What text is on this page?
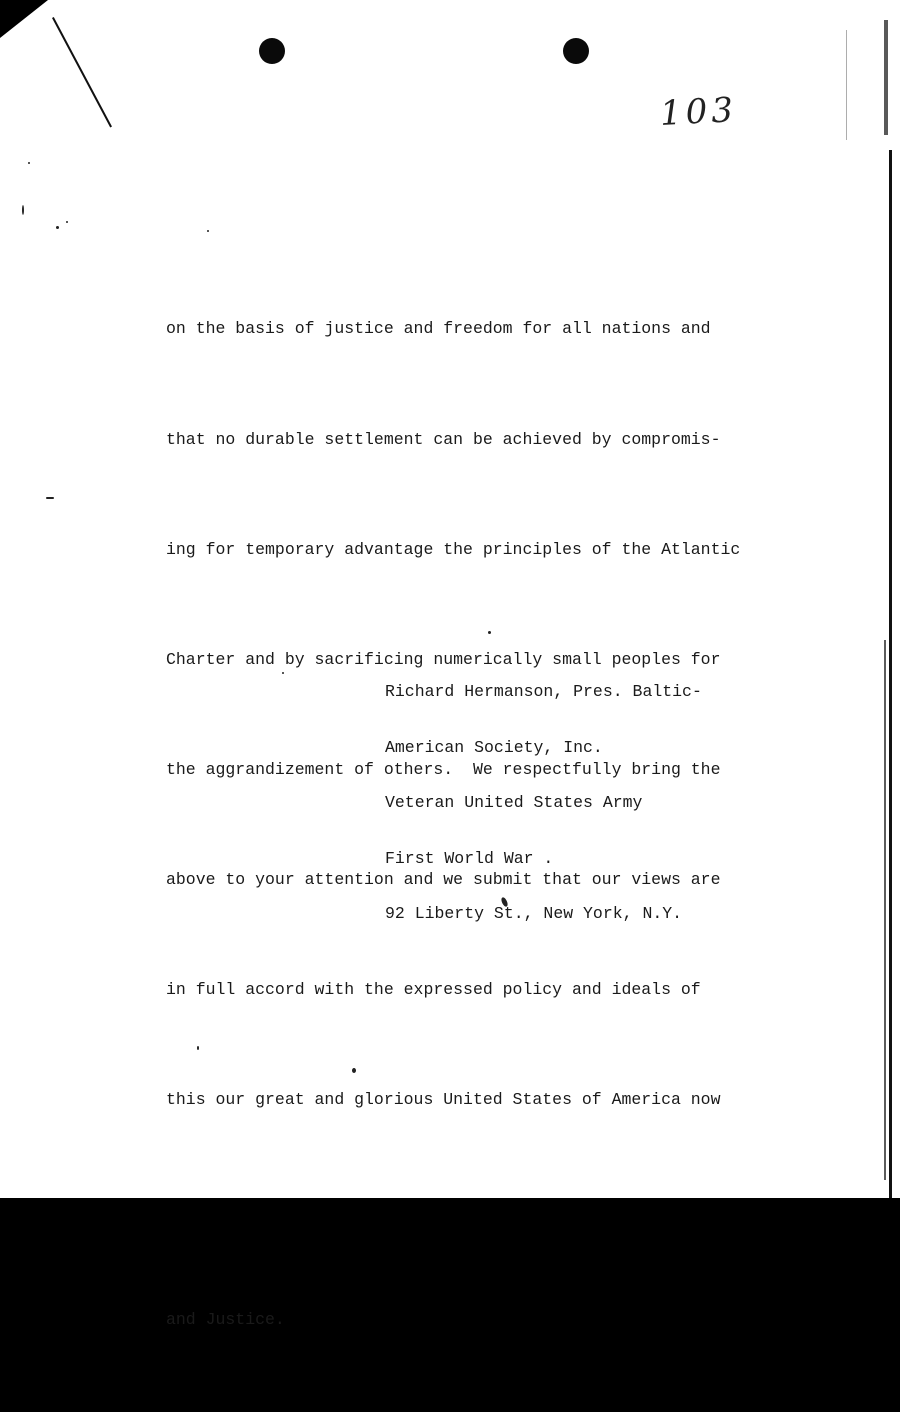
103

on the basis of justice and freedom for all nations and

that no durable settlement can be achieved by compromis-

ing for temporary advantage the principles of the Atlantic

Charter and by sacrificing numerically small peoples for

the aggrandizement of others.  We respectfully bring the

above to your attention and we submit that our views are

in full accord with the expressed policy and ideals of

this our great and glorious United States of America now

and Justice.

Richard Hermanson, Pres. Baltic-

American Society, Inc.

Veteran United States Army

First World War .

92 Liberty St., New York, N.Y.
